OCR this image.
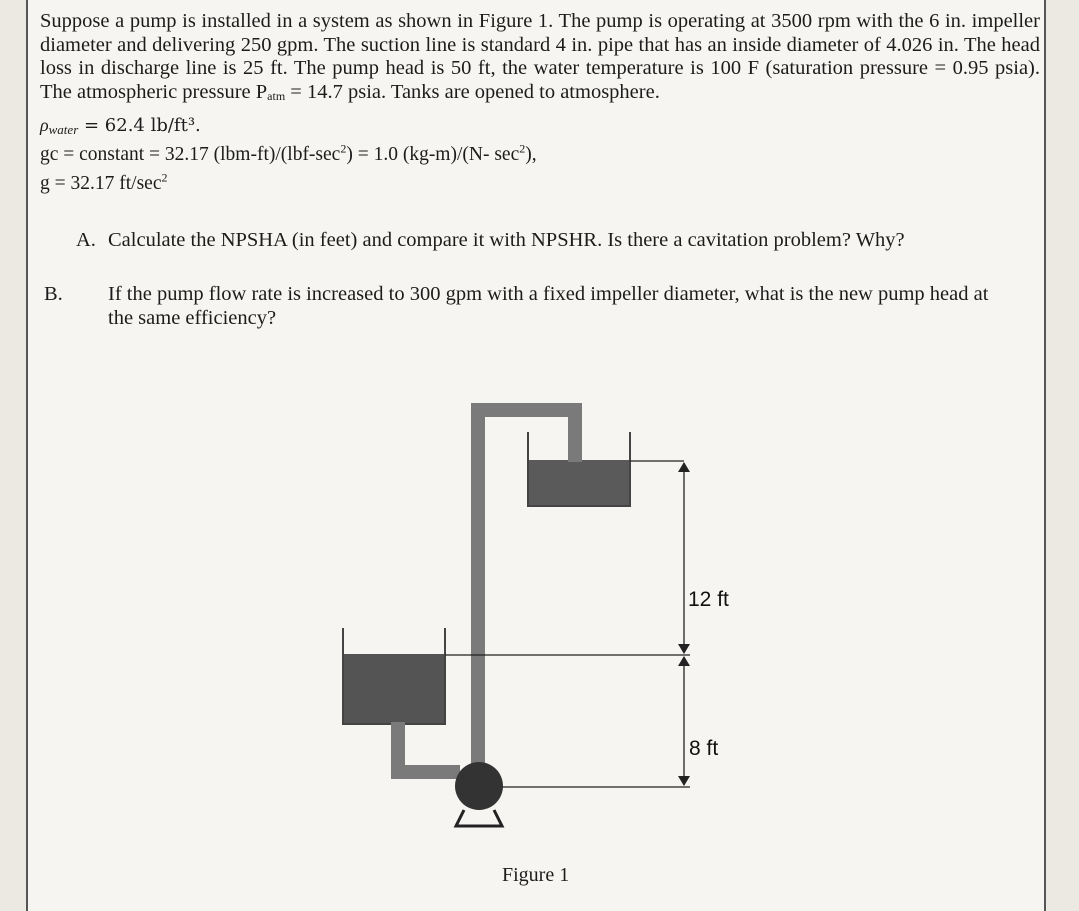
Suppose a pump is installed in a system as shown in Figure 1. The pump is operating at 3500 rpm with the 6 in. impeller diameter and delivering 250 gpm. The suction line is standard 4 in. pipe that has an inside diameter of 4.026 in. The head loss in discharge line is 25 ft. The pump head is 50 ft, the water temperature is 100 F (saturation pressure = 0.95 psia). The atmospheric pressure Patm = 14.7 psia. Tanks are opened to atmosphere.

$\rho_{water} = 62.4$ lb/ft³.
gc = constant = 32.17 $(lbm-ft)/(lbf-\sec^2) = 1.0$ (kg-m)/(N- $\sec^2$),
g = 32.17 $ft/\sec^2$
A. Calculate the NPSHA (in feet) and compare it with NPSHR. Is there a cavitation problem? Why?
B. If the pump flow rate is increased to 300 gpm with a fixed impeller diameter, what is the new pump head at the same efficiency?
12 ft
8 ft
Figure 1
